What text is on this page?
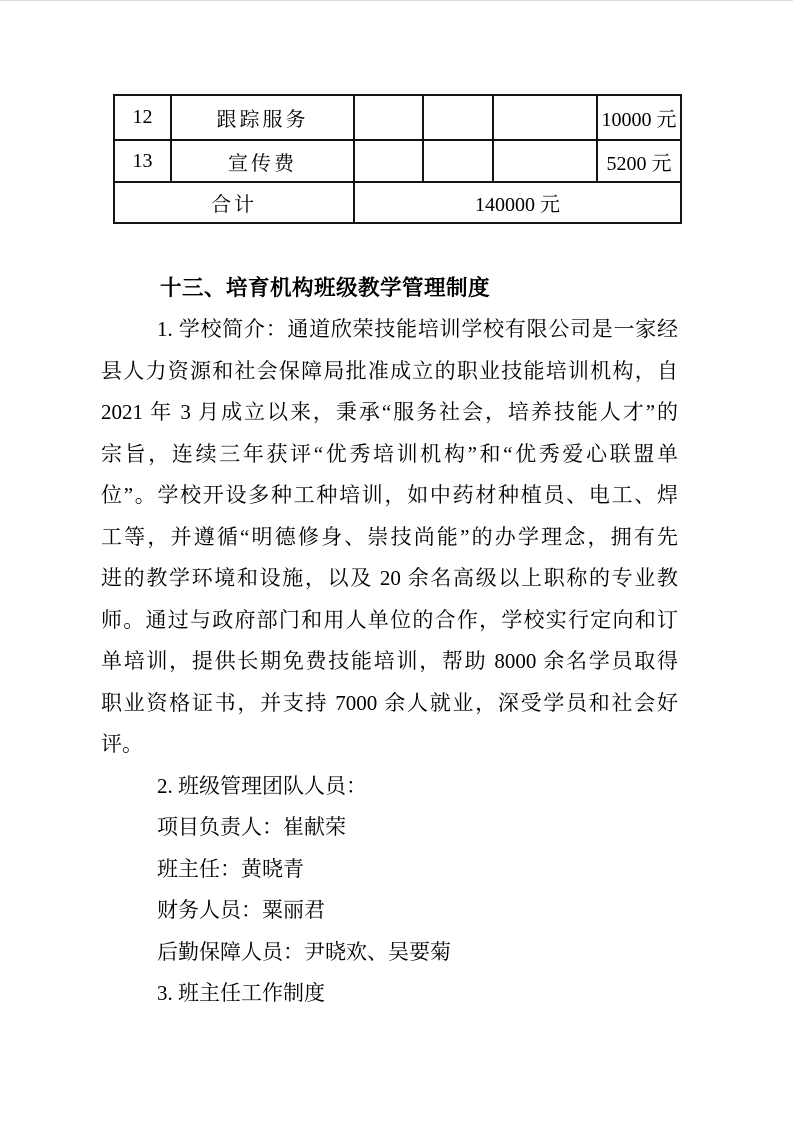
12	跟踪服务				10000 元
13	宣传费				5200 元
合计		140000 元			
十三、培育机构班级教学管理制度
1. 学校简介：通道欣荣技能培训学校有限公司是一家经
县人力资源和社会保障局批准成立的职业技能培训机构，自
2021 年 3 月成立以来，秉承“服务社会，培养技能人才”的
宗旨，连续三年获评“优秀培训机构”和“优秀爱心联盟单
位”。学校开设多种工种培训，如中药材种植员、电工、焊
工等，并遵循“明德修身、崇技尚能”的办学理念，拥有先
进的教学环境和设施，以及 20 余名高级以上职称的专业教
师。通过与政府部门和用人单位的合作，学校实行定向和订
单培训，提供长期免费技能培训，帮助 8000 余名学员取得
职业资格证书，并支持 7000 余人就业，深受学员和社会好
评。
2. 班级管理团队人员：
项目负责人：崔献荣
班主任：黄晓青
财务人员：粟丽君
后勤保障人员：尹晓欢、吴要菊
3. 班主任工作制度
